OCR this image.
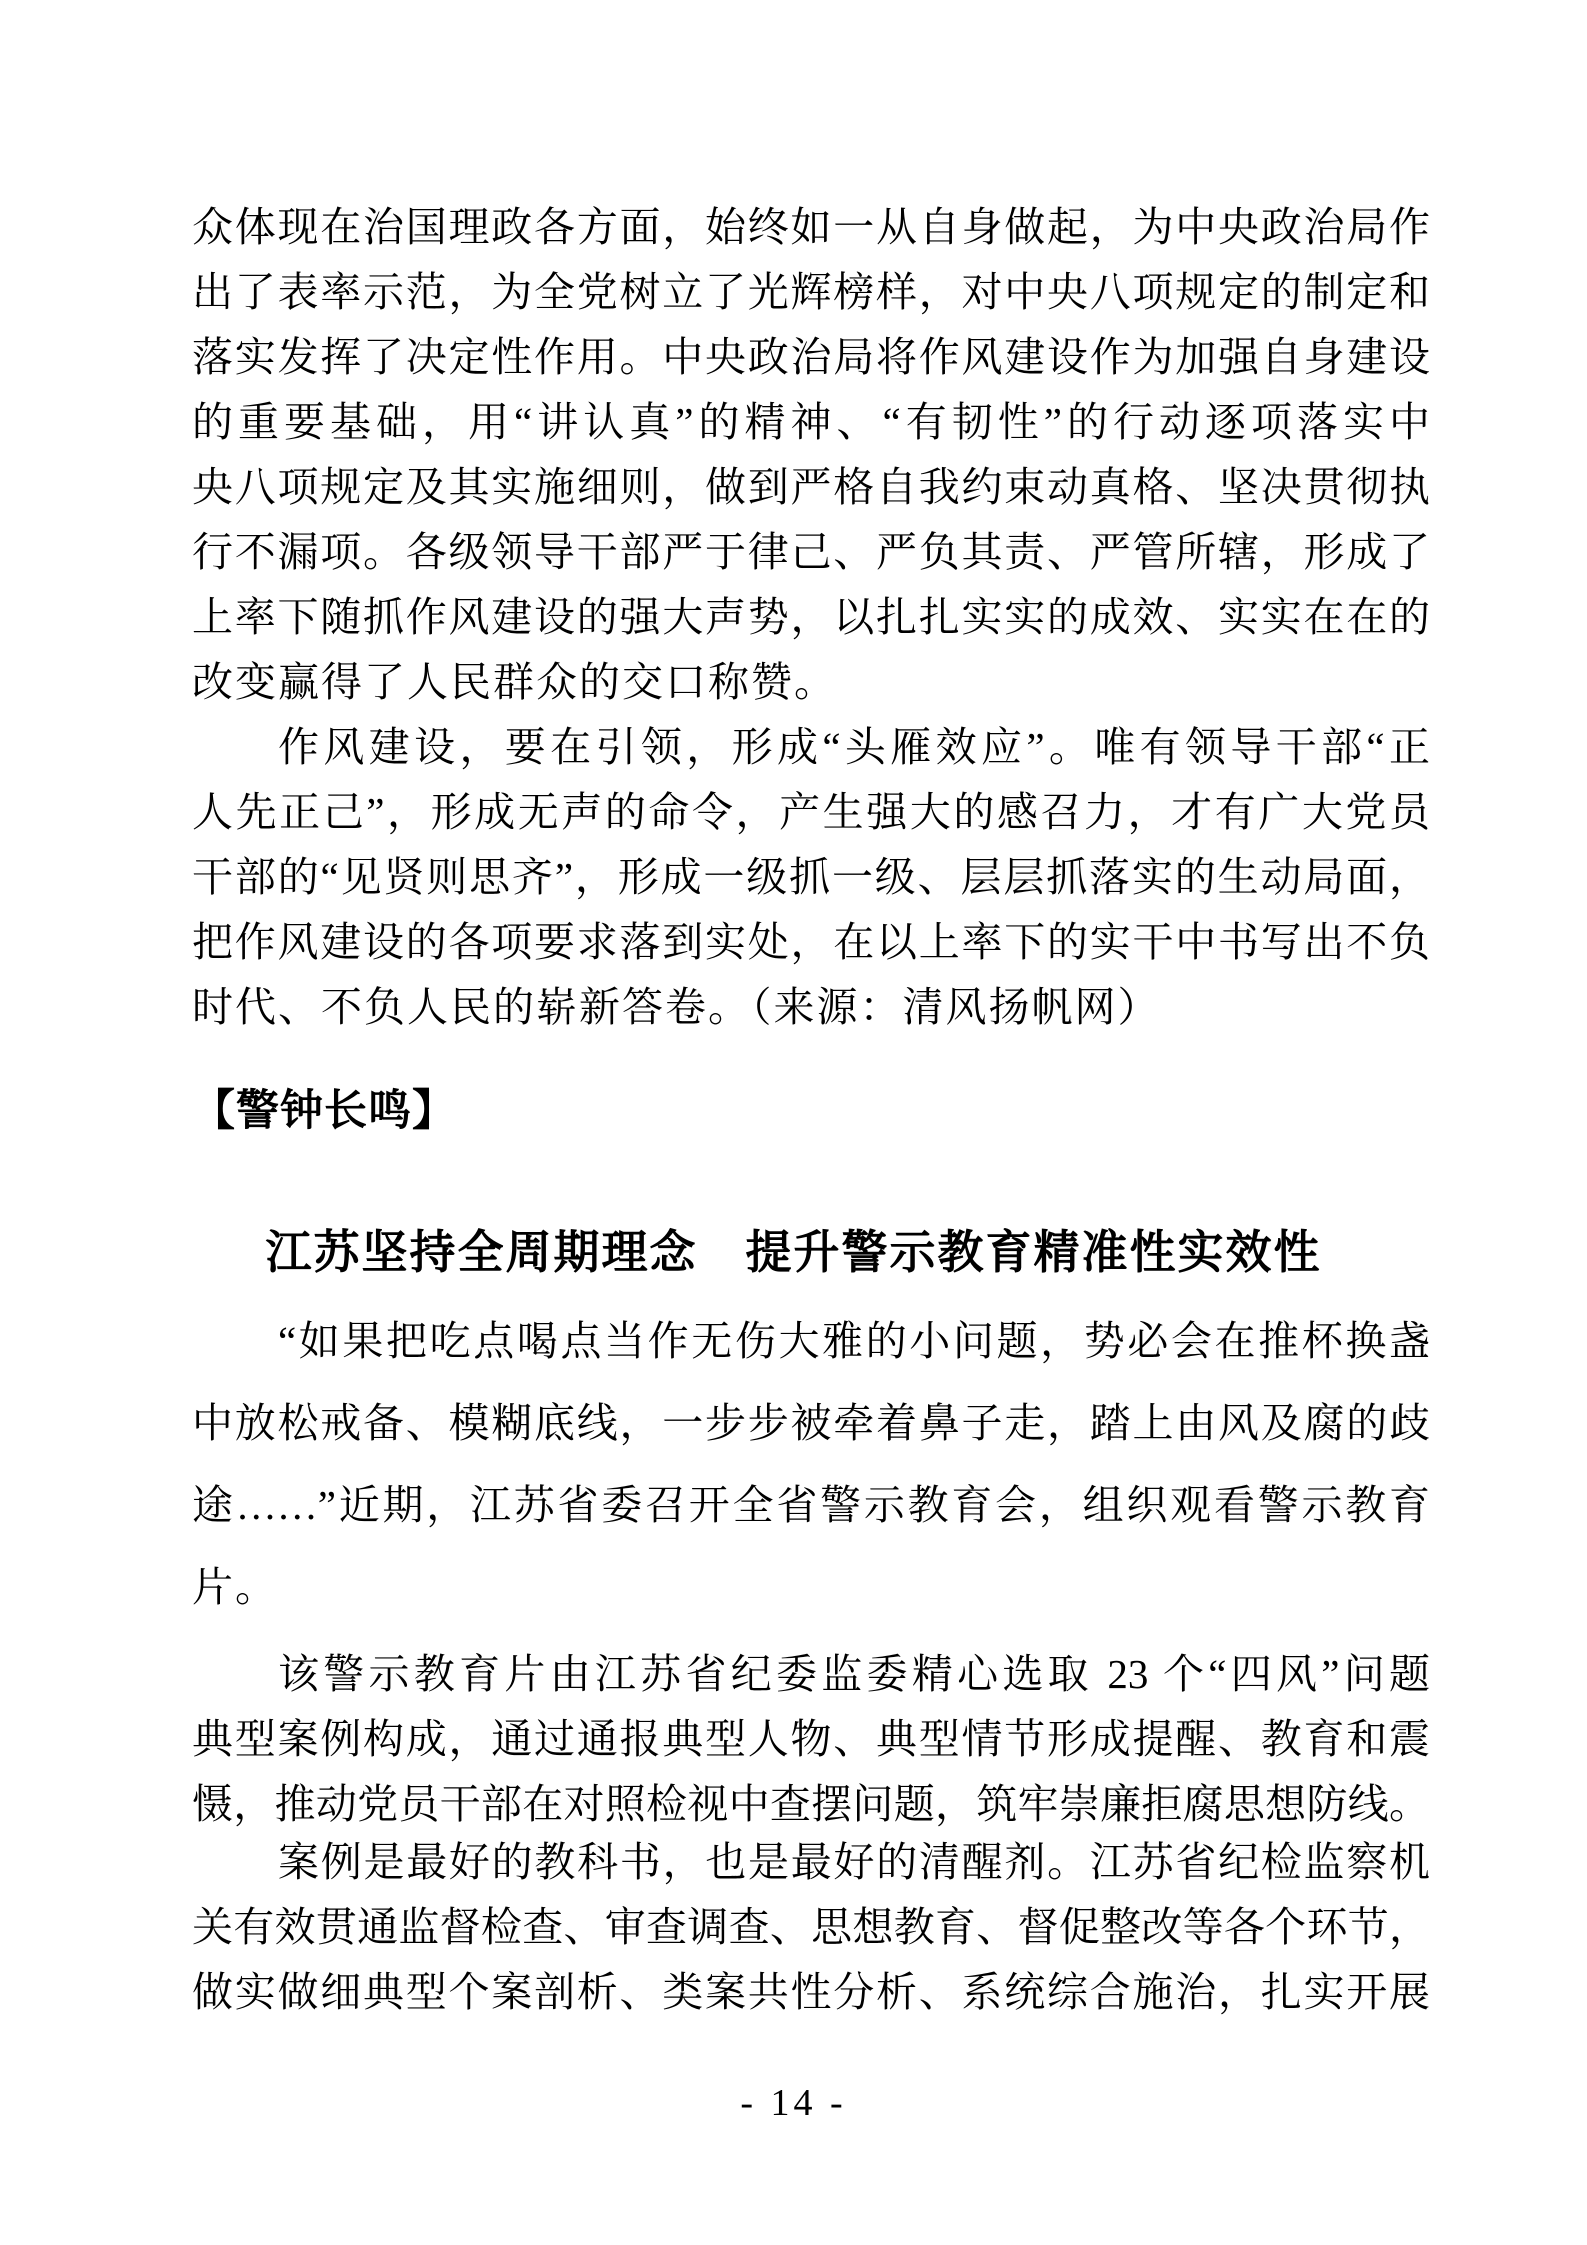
众体现在治国理政各方面，始终如一从自身做起，为中央政治局作
出了表率示范，为全党树立了光辉榜样，对中央八项规定的制定和
落实发挥了决定性作用。中央政治局将作风建设作为加强自身建设
的重要基础，用“讲认真”的精神、“有韧性”的行动逐项落实中
央八项规定及其实施细则，做到严格自我约束动真格、坚决贯彻执
行不漏项。各级领导干部严于律己、严负其责、严管所辖，形成了
上率下随抓作风建设的强大声势，以扎扎实实的成效、实实在在的
改变赢得了人民群众的交口称赞。
作风建设，要在引领，形成“头雁效应”。唯有领导干部“正
人先正己”，形成无声的命令，产生强大的感召力，才有广大党员
干部的“见贤则思齐”，形成一级抓一级、层层抓落实的生动局面，
把作风建设的各项要求落到实处，在以上率下的实干中书写出不负
时代、不负人民的崭新答卷。（来源：清风扬帆网）
【警钟长鸣】
江苏坚持全周期理念　提升警示教育精准性实效性
“如果把吃点喝点当作无伤大雅的小问题，势必会在推杯换盏
中放松戒备、模糊底线，一步步被牵着鼻子走，踏上由风及腐的歧
途……”近期，江苏省委召开全省警示教育会，组织观看警示教育
片。
该警示教育片由江苏省纪委监委精心选取 23 个“四风”问题
典型案例构成，通过通报典型人物、典型情节形成提醒、教育和震
慑，推动党员干部在对照检视中查摆问题，筑牢崇廉拒腐思想防线。
案例是最好的教科书，也是最好的清醒剂。江苏省纪检监察机
关有效贯通监督检查、审查调查、思想教育、督促整改等各个环节，
做实做细典型个案剖析、类案共性分析、系统综合施治，扎实开展
- 14 -
